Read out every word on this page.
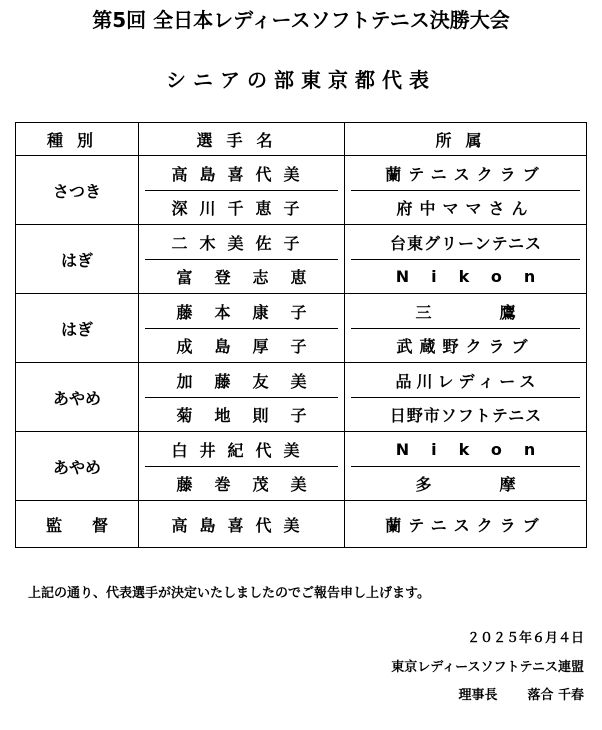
第5回 全日本レディースソフトテニス決勝大会
シニアの部東京都代表
種別	選手名	所属
さつき	高島喜代美	蘭テニスクラブ
	深川千恵子	府中ママさん
はぎ	二木美佐子	台東グリーンテニス
	富登志恵	Nikon
はぎ	藤本康子	三鷹
	成島厚子	武蔵野クラブ
あやめ	加藤友美	品川レディース
	菊地則子	日野市ソフトテニス
あやめ	白井紀代美	Nikon
	藤巻茂美	多摩
監督	高島喜代美	蘭テニスクラブ
上記の通り、代表選手が決定いたしましたのでご報告申し上げます。
２０２５年６月４日
東京レディースソフトテニス連盟
理事長 落合 千春
